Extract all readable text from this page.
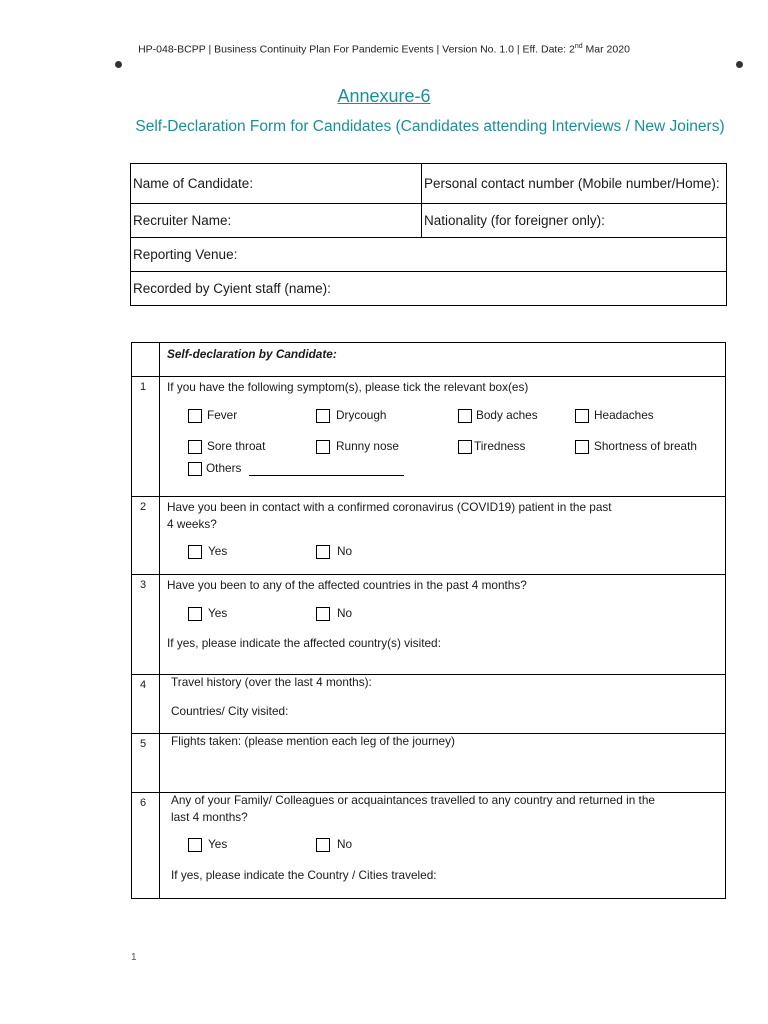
HP-048-BCPP | Business Continuity Plan For Pandemic Events | Version No. 1.0 | Eff. Date: 2nd Mar 2020
Annexure-6
Self-Declaration Form for Candidates (Candidates attending Interviews / New Joiners)
Name of Candidate:	Personal contact number (Mobile number/Home):
Recruiter Name:	Nationality (for foreigner only):
Reporting Venue:	
Recorded by Cyient staff (name):	
Self-declaration by Candidate:
1 If you have the following symptom(s), please tick the relevant box(es)
Fever	Drycough	Body aches	Headaches
Sore throat	Runny nose	Tiredness	Shortness of breath
Others
2 Have you been in contact with a confirmed coronavirus (COVID19) patient in the past
4 weeks?
Yes	No
3 Have you been to any of the affected countries in the past 4 months?
Yes	No
If yes, please indicate the affected country(s) visited:
4 Travel history (over the last 4 months):
Countries/ City visited:
5 Flights taken: (please mention each leg of the journey)
6 Any of your Family/ Colleagues or acquaintances travelled to any country and returned in the
last 4 months?
Yes	No
If yes, please indicate the Country / Cities traveled:
1
